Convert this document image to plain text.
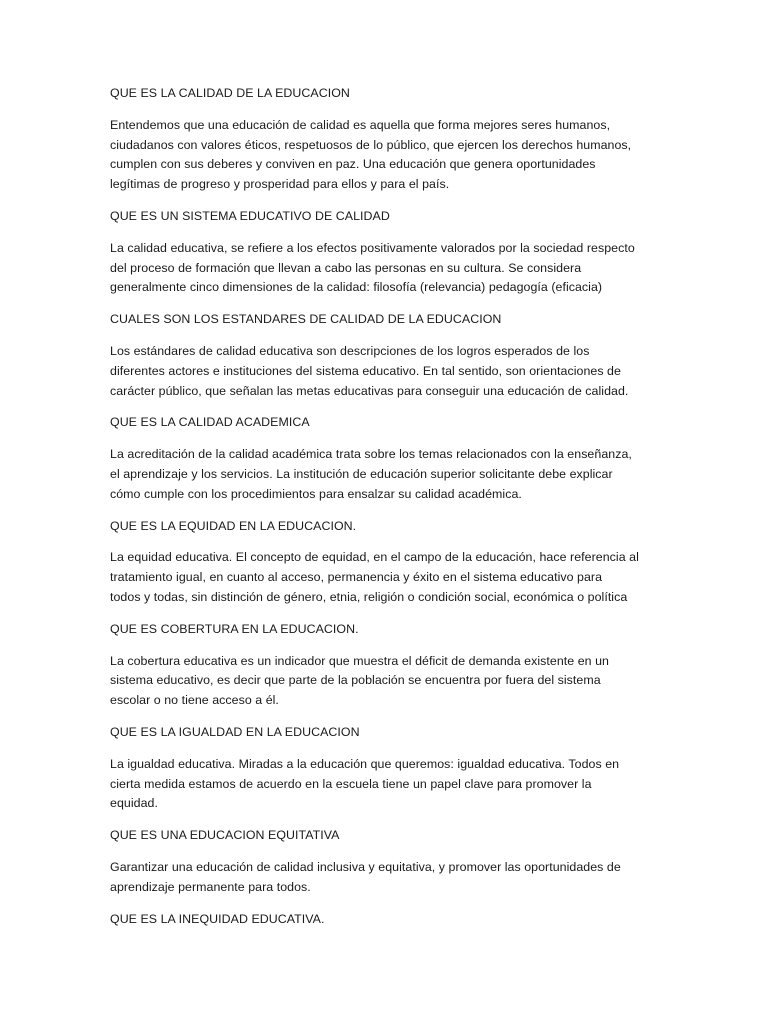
QUE ES LA CALIDAD DE LA EDUCACION

Entendemos que una educación de calidad es aquella que forma mejores seres humanos,
ciudadanos con valores éticos, respetuosos de lo público, que ejercen los derechos humanos,
cumplen con sus deberes y conviven en paz. Una educación que genera oportunidades
legítimas de progreso y prosperidad para ellos y para el país.

QUE ES UN SISTEMA EDUCATIVO DE CALIDAD

La calidad educativa, se refiere a los efectos positivamente valorados por la sociedad respecto
del proceso de formación que llevan a cabo las personas en su cultura. Se considera
generalmente cinco dimensiones de la calidad: filosofía (relevancia) pedagogía (eficacia)

CUALES SON LOS ESTANDARES DE CALIDAD DE LA EDUCACION

Los estándares de calidad educativa son descripciones de los logros esperados de los
diferentes actores e instituciones del sistema educativo. En tal sentido, son orientaciones de
carácter público, que señalan las metas educativas para conseguir una educación de calidad.

QUE ES LA CALIDAD ACADEMICA

La acreditación de la calidad académica trata sobre los temas relacionados con la enseñanza,
el aprendizaje y los servicios. La institución de educación superior solicitante debe explicar
cómo cumple con los procedimientos para ensalzar su calidad académica.

QUE ES LA EQUIDAD EN LA EDUCACION.

La equidad educativa. El concepto de equidad, en el campo de la educación, hace referencia al
tratamiento igual, en cuanto al acceso, permanencia y éxito en el sistema educativo para
todos y todas, sin distinción de género, etnia, religión o condición social, económica o política

QUE ES COBERTURA EN LA EDUCACION.

La cobertura educativa es un indicador que muestra el déficit de demanda existente en un
sistema educativo, es decir que parte de la población se encuentra por fuera del sistema
escolar o no tiene acceso a él.

QUE ES LA IGUALDAD EN LA EDUCACION

La igualdad educativa. Miradas a la educación que queremos: igualdad educativa. Todos en
cierta medida estamos de acuerdo en la escuela tiene un papel clave para promover la
equidad.

QUE ES UNA EDUCACION EQUITATIVA

Garantizar una educación de calidad inclusiva y equitativa, y promover las oportunidades de
aprendizaje permanente para todos.

QUE ES LA INEQUIDAD EDUCATIVA.
